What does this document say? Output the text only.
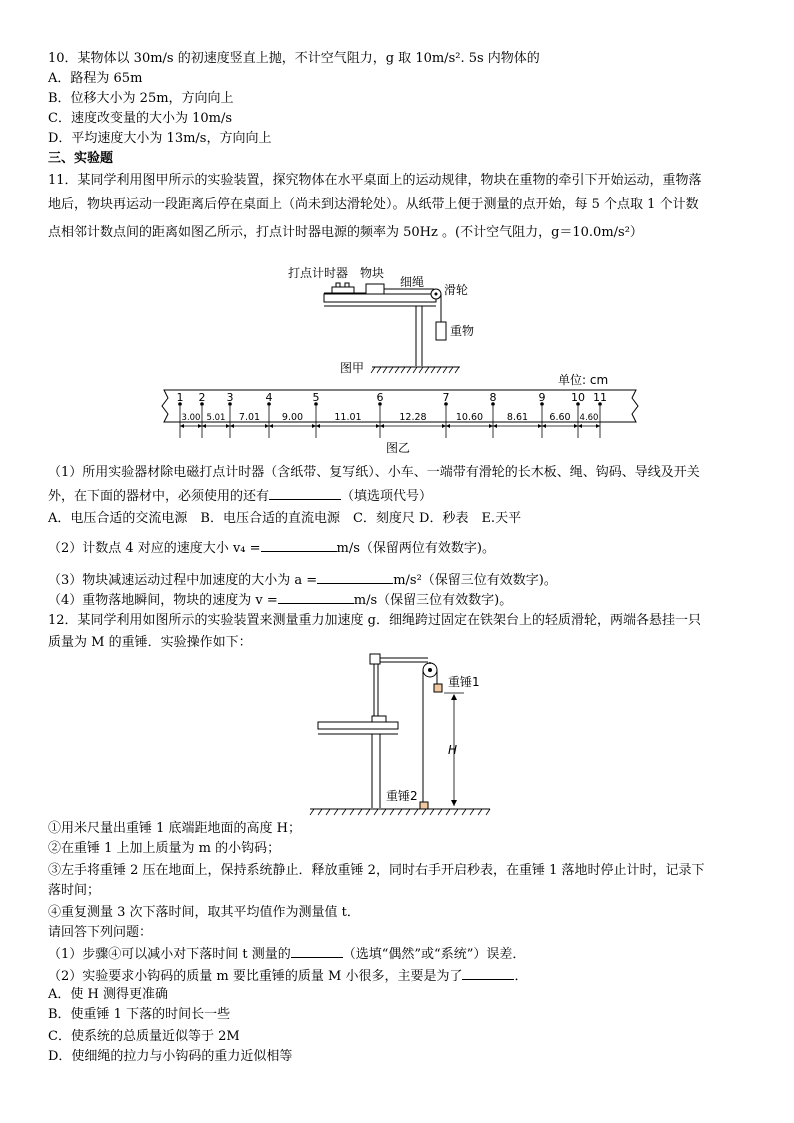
10．某物体以 30m/s 的初速度竖直上抛，不计空气阻力，g 取 10m/s². 5s 内物体的
A．路程为 65m
B．位移大小为 25m，方向向上
C．速度改变量的大小为 10m/s
D．平均速度大小为 13m/s，方向向上
三、实验题
11．某同学利用图甲所示的实验装置，探究物体在水平桌面上的运动规律，物块在重物的牵引下开始运动，重物落
地后，物块再运动一段距离后停在桌面上（尚未到达滑轮处）。从纸带上便于测量的点开始，每 5 个点取 1 个计数
点相邻计数点间的距离如图乙所示，打点计时器电源的频率为 50Hz 。(不计空气阻力，g＝10.0m/s²）
打点计时器 物块
细绳
滑轮
重物
图甲
单位: cm
1 2 3	4	5	6	7	8	9 10 11
3.00 5.01 7.01 9.00	11.01	12.28	10.60	8.61 6.60 4.60
图乙
（1）所用实验器材除电磁打点计时器（含纸带、复写纸）、小车、一端带有滑轮的长木板、绳、钩码、导线及开关
外，在下面的器材中，必须使用的还有	（填选项代号）
A．电压合适的交流电源　B．电压合适的直流电源　C．刻度尺 D．秒表　E.天平
（2）计数点 4 对应的速度大小 v₄ =	m/s（保留两位有效数字)。
（3）物块减速运动过程中加速度的大小为 a =	m/s²（保留三位有效数字)。
（4）重物落地瞬间，物块的速度为 v =	m/s（保留三位有效数字)。
12．某同学利用如图所示的实验装置来测量重力加速度 g．细绳跨过固定在铁架台上的轻质滑轮，两端各悬挂一只
质量为 M 的重锤．实验操作如下：
H
重锤1
重锤2
①用米尺量出重锤 1 底端距地面的高度 H；
②在重锤 1 上加上质量为 m 的小钩码；
③左手将重锤 2 压在地面上，保持系统静止．释放重锤 2，同时右手开启秒表，在重锤 1 落地时停止计时，记录下
落时间；
④重复测量 3 次下落时间，取其平均值作为测量值 t．
请回答下列问题：
（1）步骤④可以减小对下落时间 t 测量的	（选填“偶然”或“系统”）误差．
（2）实验要求小钩码的质量 m 要比重锤的质量 M 小很多，主要是为了	．
A．使 H 测得更准确
B．使重锤 1 下落的时间长一些
C．使系统的总质量近似等于 2M
D．使细绳的拉力与小钩码的重力近似相等
